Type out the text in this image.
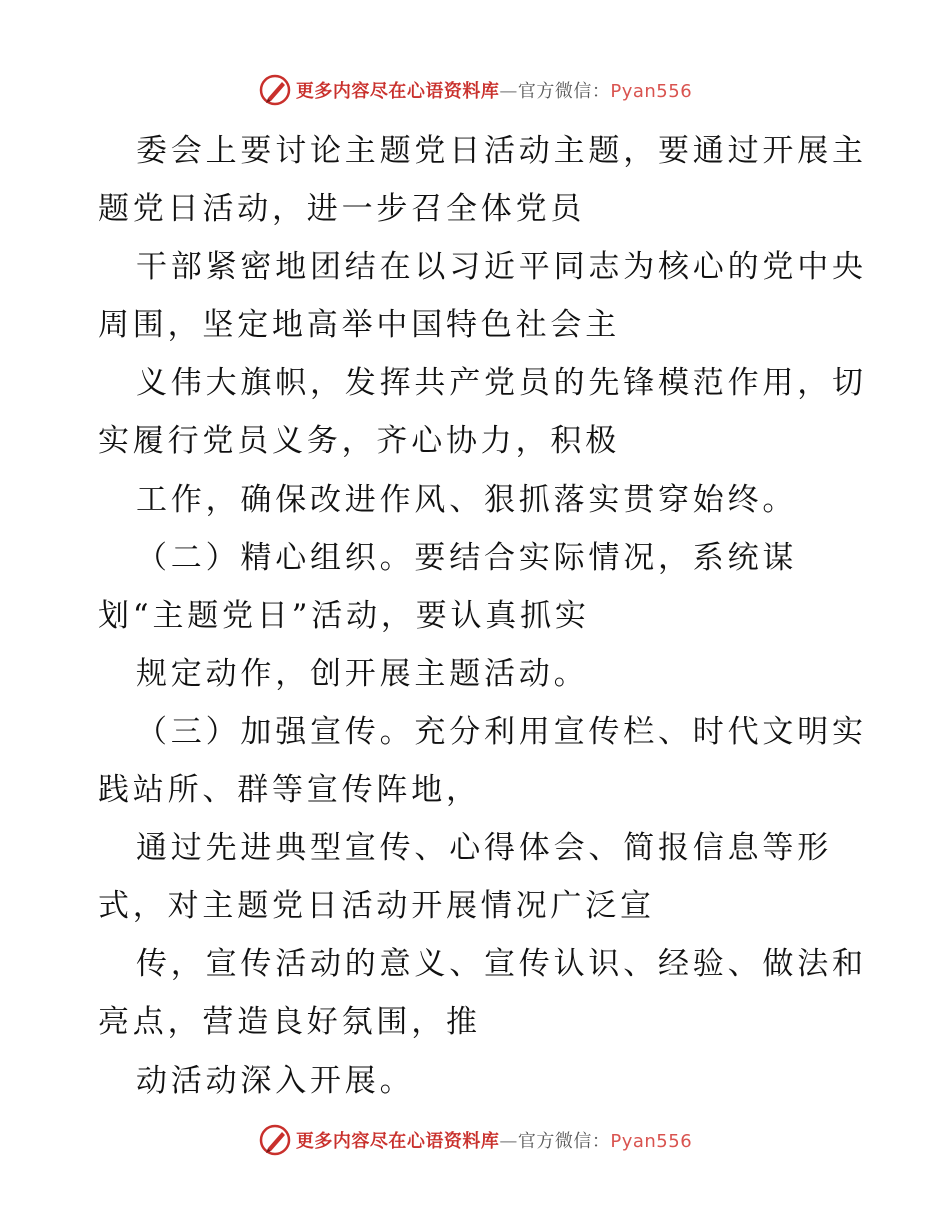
更多内容尽在心语资料库—官方微信：Pyan556
委会上要讨论主题党日活动主题，要通过开展主
题党日活动，进一步召全体党员
干部紧密地团结在以习近平同志为核心的党中央
周围，坚定地高举中国特色社会主
义伟大旗帜，发挥共产党员的先锋模范作用，切
实履行党员义务，齐心协力，积极
工作，确保改进作风、狠抓落实贯穿始终。
（二）精心组织。要结合实际情况，系统谋
划“主题党日”活动，要认真抓实
规定动作，创开展主题活动。
（三）加强宣传。充分利用宣传栏、时代文明实
践站所、群等宣传阵地，
通过先进典型宣传、心得体会、简报信息等形
式，对主题党日活动开展情况广泛宣
传，宣传活动的意义、宣传认识、经验、做法和
亮点，营造良好氛围，推
动活动深入开展。
更多内容尽在心语资料库—官方微信：Pyan556
